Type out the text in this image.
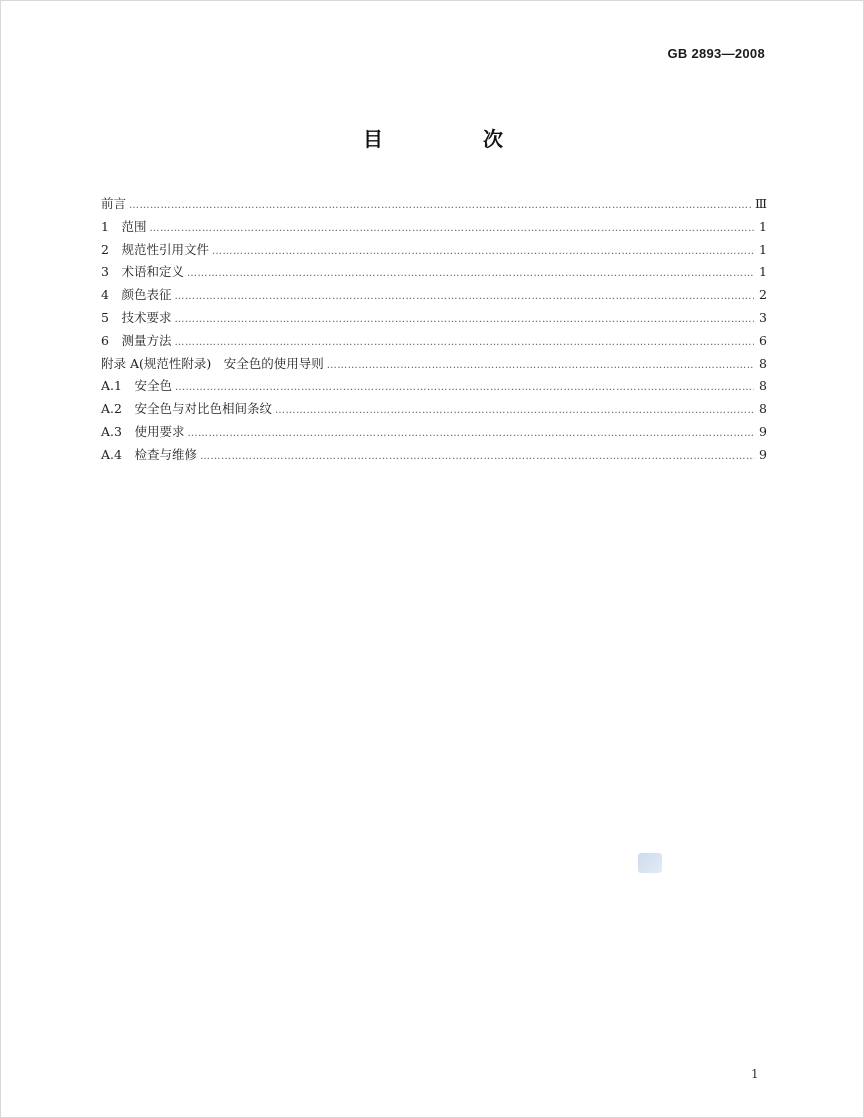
GB 2893—2008
目　次
前言 ……………………………………………………………………………………………………………………………………………………………………………………………………………………………………	Ⅲ
1　范围 ……………………………………………………………………………………………………………………………………………………………………………………………………………………………………	1
2　规范性引用文件 ……………………………………………………………………………………………………………………………………………………………………………………………………………………………………	1
3　术语和定义 ……………………………………………………………………………………………………………………………………………………………………………………………………………………………………	1
4　颜色表征 ……………………………………………………………………………………………………………………………………………………………………………………………………………………………………	2
5　技术要求 ……………………………………………………………………………………………………………………………………………………………………………………………………………………………………	3
6　测量方法 ……………………………………………………………………………………………………………………………………………………………………………………………………………………………………	6
附录 A(规范性附录)　安全色的使用导则 ……………………………………………………………………………………………………………………………………………………………………………………………………………………………………	8
A.1　安全色 ……………………………………………………………………………………………………………………………………………………………………………………………………………………………………	8
A.2　安全色与对比色相间条纹 ……………………………………………………………………………………………………………………………………………………………………………………………………………………………………	8
A.3　使用要求 ……………………………………………………………………………………………………………………………………………………………………………………………………………………………………	9
A.4　检查与维修 ……………………………………………………………………………………………………………………………………………………………………………………………………………………………………	9
1
